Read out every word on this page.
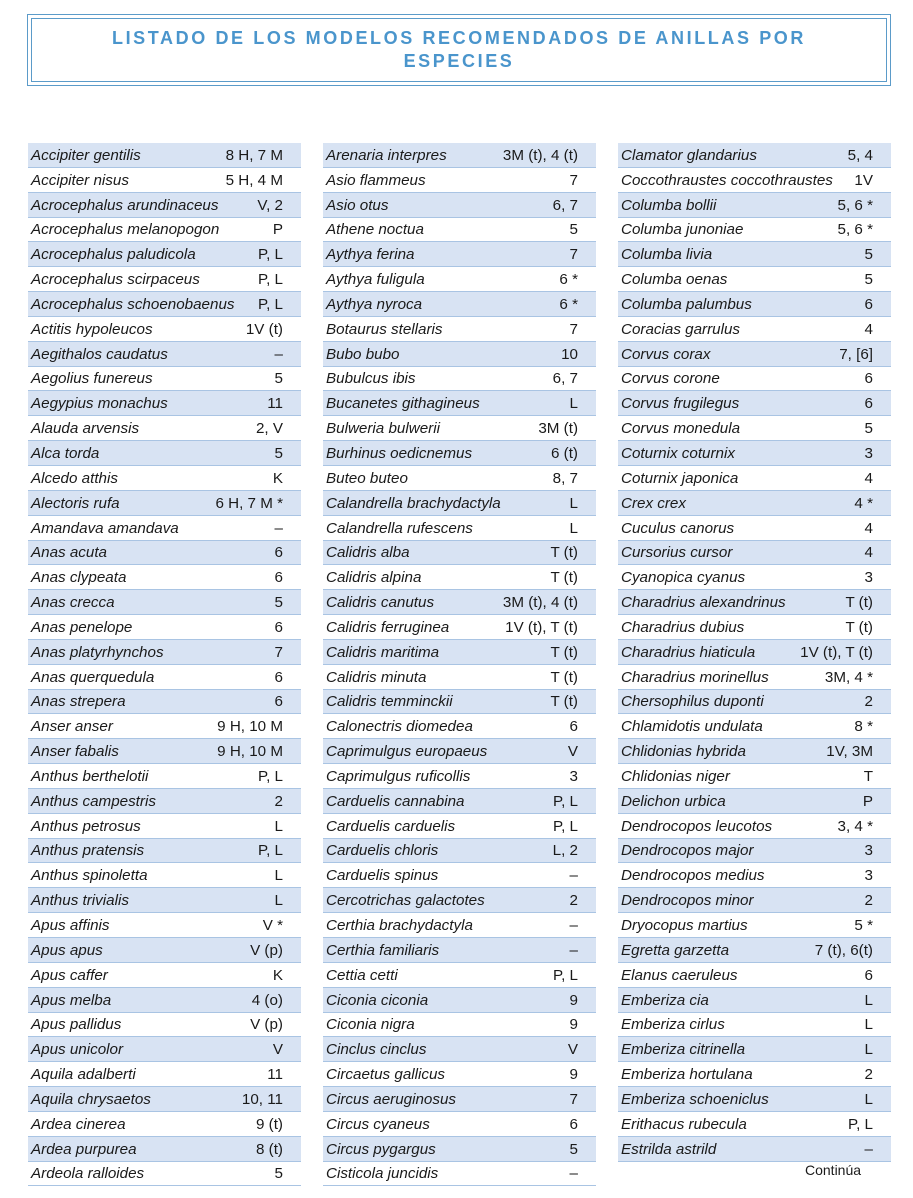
LISTADO DE LOS MODELOS RECOMENDADOS DE ANILLAS POR ESPECIES
Accipiter gentilis	8 H, 7 M
Accipiter nisus	5 H, 4 M
Acrocephalus arundinaceus	V, 2
Acrocephalus melanopogon	P
Acrocephalus paludicola	P, L
Acrocephalus scirpaceus	P, L
Acrocephalus schoenobaenus P, L
Actitis hypoleucos	1V (t)
Aegithalos caudatus	–
Aegolius funereus	5
Aegypius monachus	11
Alauda arvensis	2, V
Alca torda	5
Alcedo atthis	K
Alectoris rufa	6 H, 7 M *
Amandava amandava	–
Anas acuta	6
Anas clypeata	6
Anas crecca	5
Anas penelope	6
Anas platyrhynchos	7
Anas querquedula	6
Anas strepera	6
Anser anser	9 H, 10 M
Anser fabalis	9 H, 10 M
Anthus berthelotii	P, L
Anthus campestris	2
Anthus petrosus	L
Anthus pratensis	P, L
Anthus spinoletta	L
Anthus trivialis	L
Apus affinis	V *
Apus apus	V (p)
Apus caffer	K
Apus melba	4 (o)
Apus pallidus	V (p)
Apus unicolor	V
Aquila adalberti	11
Aquila chrysaetos	10, 11
Ardea cinerea	9 (t)
Ardea purpurea	8 (t)
Ardeola ralloides	5
Arenaria interpres	3M (t), 4 (t)
Asio flammeus	7
Asio otus	6, 7
Athene noctua	5
Aythya ferina	7
Aythya fuligula	6 *
Aythya nyroca	6 *
Botaurus stellaris	7
Bubo bubo	10
Bubulcus ibis	6, 7
Bucanetes githagineus	L
Bulweria bulwerii	3M (t)
Burhinus oedicnemus	6 (t)
Buteo buteo	8, 7
Calandrella brachydactyla	L
Calandrella rufescens	L
Calidris alba	T (t)
Calidris alpina	T (t)
Calidris canutus	3M (t), 4 (t)
Calidris ferruginea	1V (t), T (t)
Calidris maritima	T (t)
Calidris minuta	T (t)
Calidris temminckii	T (t)
Calonectris diomedea	6
Caprimulgus europaeus	V
Caprimulgus ruficollis	3
Carduelis cannabina	P, L
Carduelis carduelis	P, L
Carduelis chloris	L, 2
Carduelis spinus	–
Cercotrichas galactotes	2
Certhia brachydactyla	–
Certhia familiaris	–
Cettia cetti	P, L
Ciconia ciconia	9
Ciconia nigra	9
Cinclus cinclus	V
Circaetus gallicus	9
Circus aeruginosus	7
Circus cyaneus	6
Circus pygargus	5
Cisticola juncidis	–
Clamator glandarius	5, 4
Coccothraustes coccothraustes 1V
Columba bollii	5, 6 *
Columba junoniae	5, 6 *
Columba livia	5
Columba oenas	5
Columba palumbus	6
Coracias garrulus	4
Corvus corax	7, [6]
Corvus corone	6
Corvus frugilegus	6
Corvus monedula	5
Coturnix coturnix	3
Coturnix japonica	4
Crex crex	4 *
Cuculus canorus	4
Cursorius cursor	4
Cyanopica cyanus	3
Charadrius alexandrinus	T (t)
Charadrius dubius	T (t)
Charadrius hiaticula	1V (t), T (t)
Charadrius morinellus	3M, 4 *
Chersophilus duponti	2
Chlamidotis undulata	8 *
Chlidonias hybrida	1V, 3M
Chlidonias niger	T
Delichon urbica	P
Dendrocopos leucotos	3, 4 *
Dendrocopos major	3
Dendrocopos medius	3
Dendrocopos minor	2
Dryocopus martius	5 *
Egretta garzetta	7 (t), 6(t)
Elanus caeruleus	6
Emberiza cia	L
Emberiza cirlus	L
Emberiza citrinella	L
Emberiza hortulana	2
Emberiza schoeniclus	L
Erithacus rubecula	P, L
Estrilda astrild	–
Continúa
